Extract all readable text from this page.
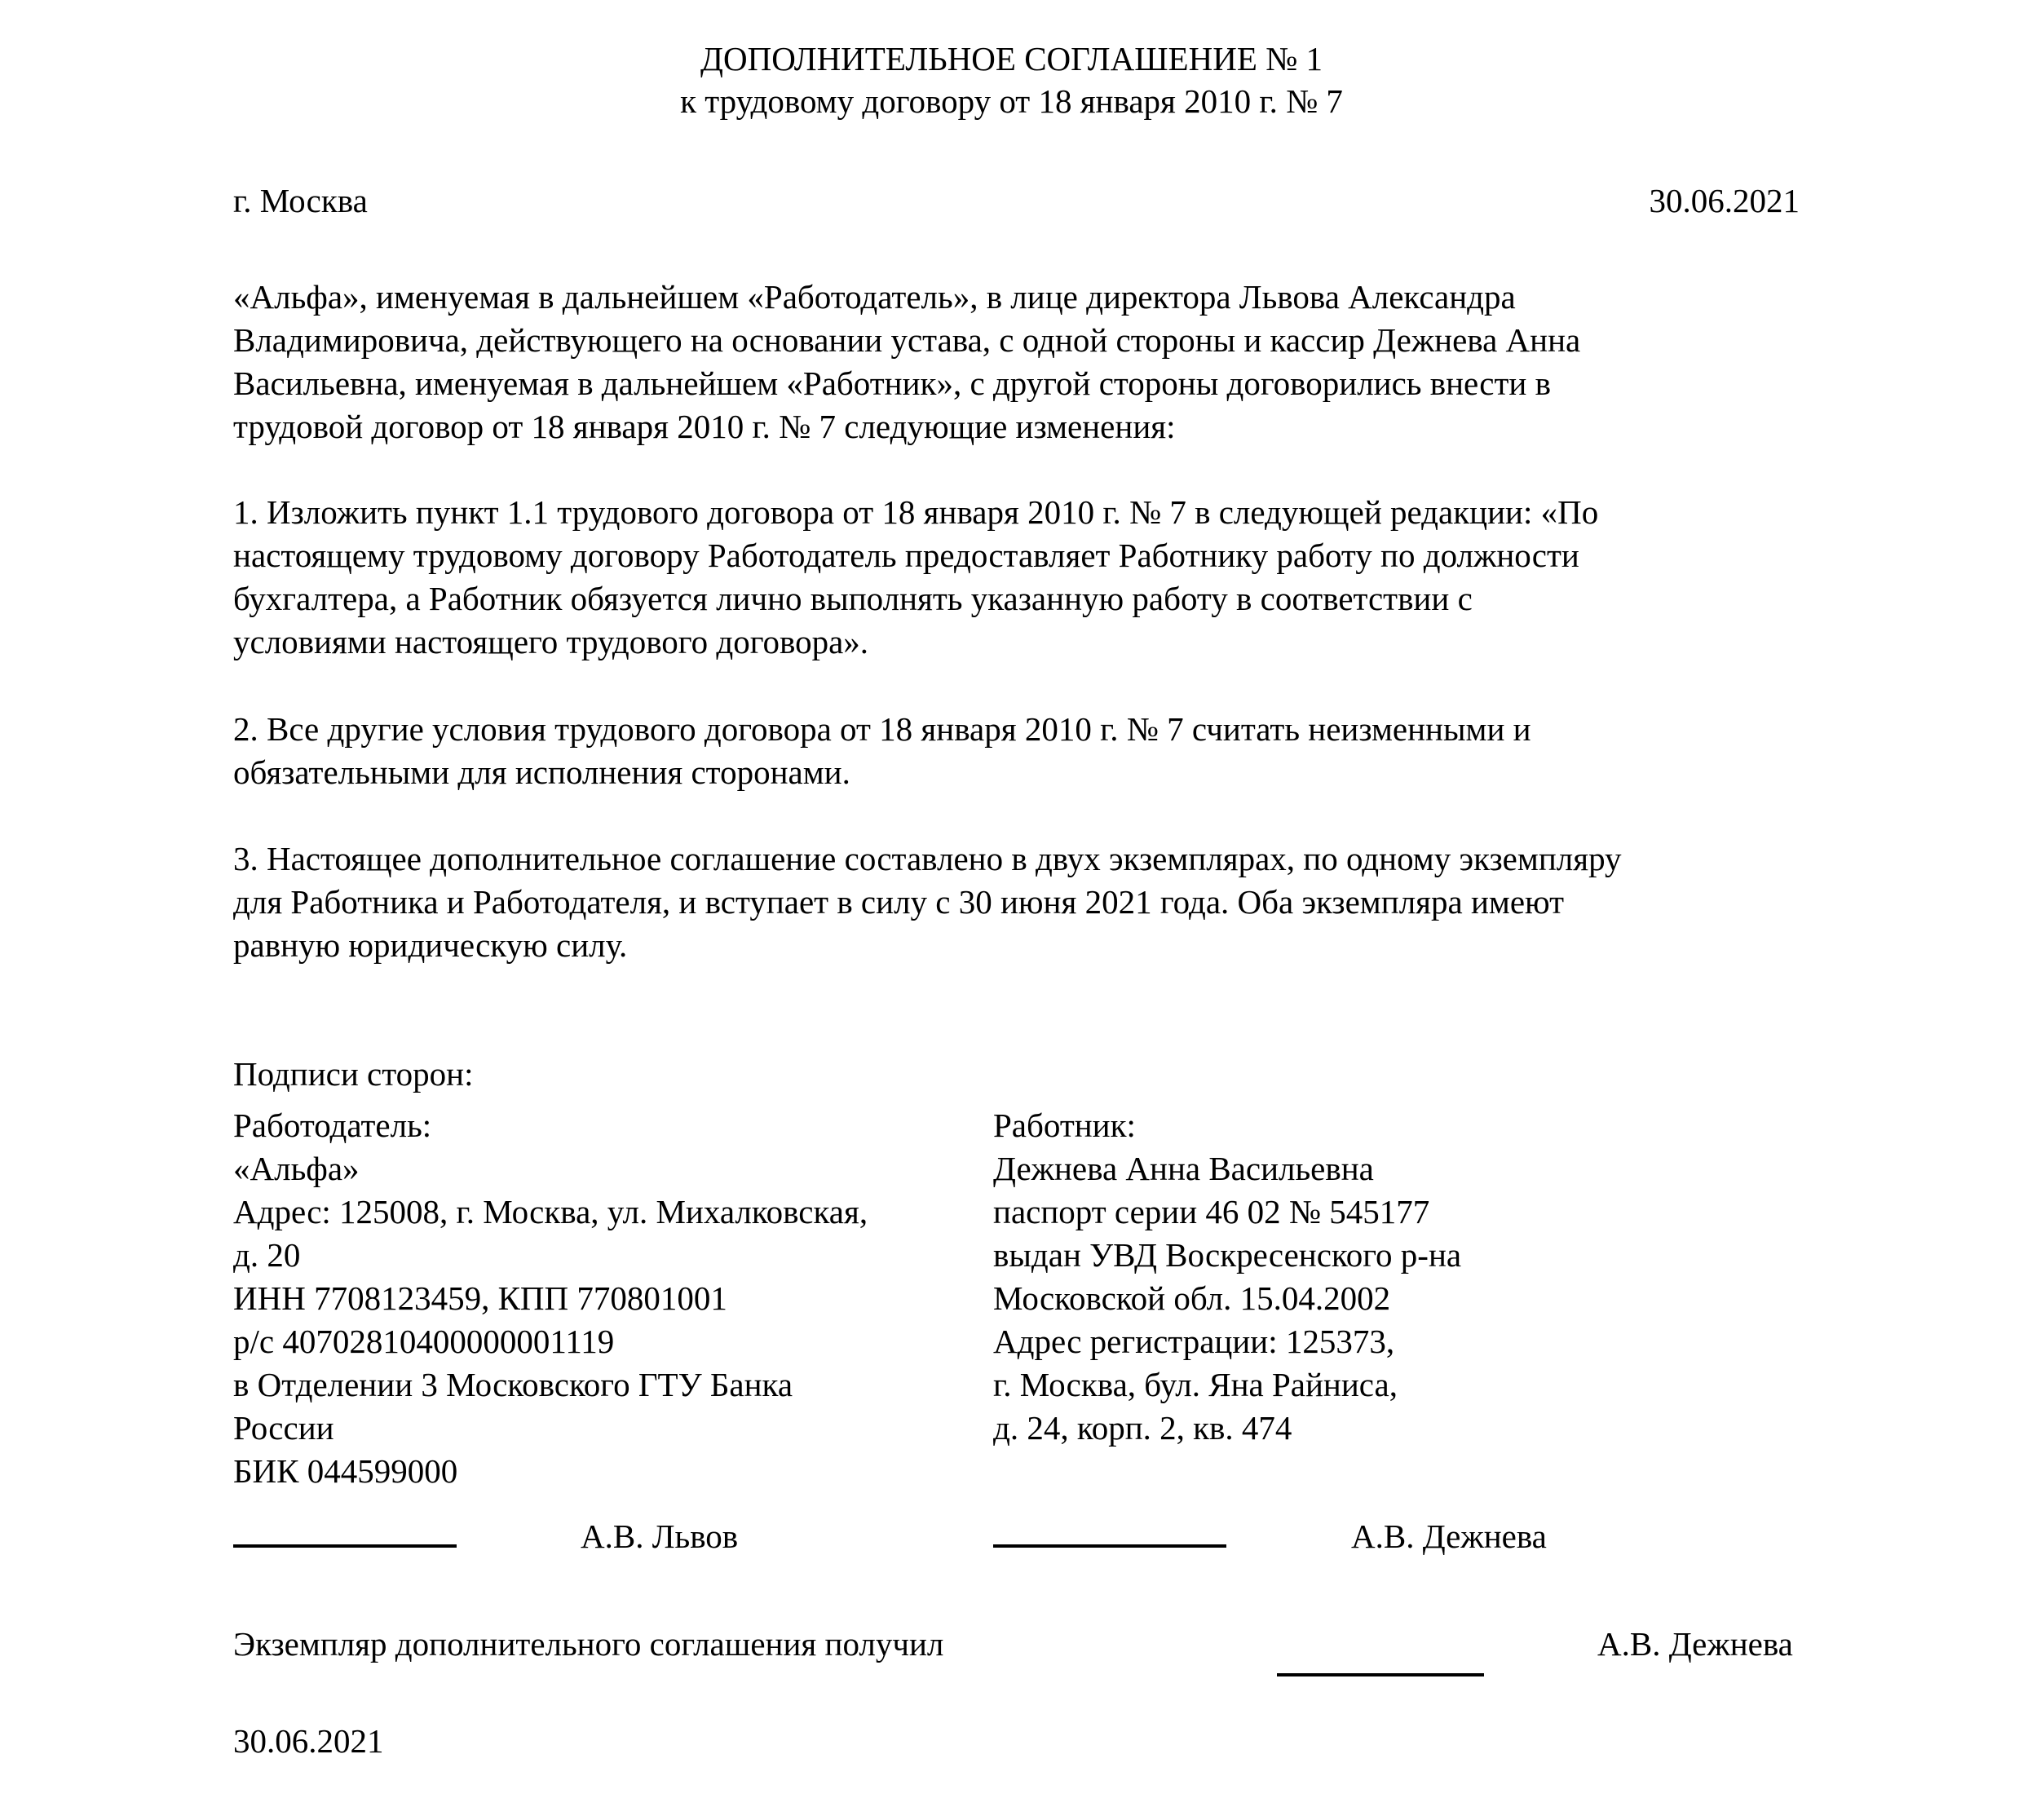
ДОПОЛНИТЕЛЬНОЕ СОГЛАШЕНИЕ № 1
к трудовому договору от 18 января 2010 г. № 7
г. Москва	30.06.2021
«Альфа», именуемая в дальнейшем «Работодатель», в лице директора Львова Александра
Владимировича, действующего на основании устава, с одной стороны и кассир Дежнева Анна
Васильевна, именуемая в дальнейшем «Работник», с другой стороны договорились внести в
трудовой договор от 18 января 2010 г. № 7 следующие изменения:
1. Изложить пункт 1.1 трудового договора от 18 января 2010 г. № 7 в следующей редакции: «По
настоящему трудовому договору Работодатель предоставляет Работнику работу по должности
бухгалтера, а Работник обязуется лично выполнять указанную работу в соответствии с
условиями настоящего трудового договора».
2. Все другие условия трудового договора от 18 января 2010 г. № 7 считать неизменными и
обязательными для исполнения сторонами.
3. Настоящее дополнительное соглашение составлено в двух экземплярах, по одному экземпляру
для Работника и Работодателя, и вступает в силу с 30 июня 2021 года. Оба экземпляра имеют
равную юридическую силу.
Подписи сторон:
Работодатель:
«Альфа»
Адрес: 125008, г. Москва, ул. Михалковская,
д. 20
ИНН 7708123459, КПП 770801001
р/с 40702810400000001119
в Отделении 3 Московского ГТУ Банка
России
БИК 044599000
Работник:
Дежнева Анна Васильевна
паспорт серии 46 02 № 545177
выдан УВД Воскресенского р-на
Московской обл. 15.04.2002
Адрес регистрации: 125373,
г. Москва, бул. Яна Райниса,
д. 24, корп. 2, кв. 474
А.В. Львов	А.В. Дежнева
Экземпляр дополнительного соглашения получил	А.В. Дежнева
30.06.2021
